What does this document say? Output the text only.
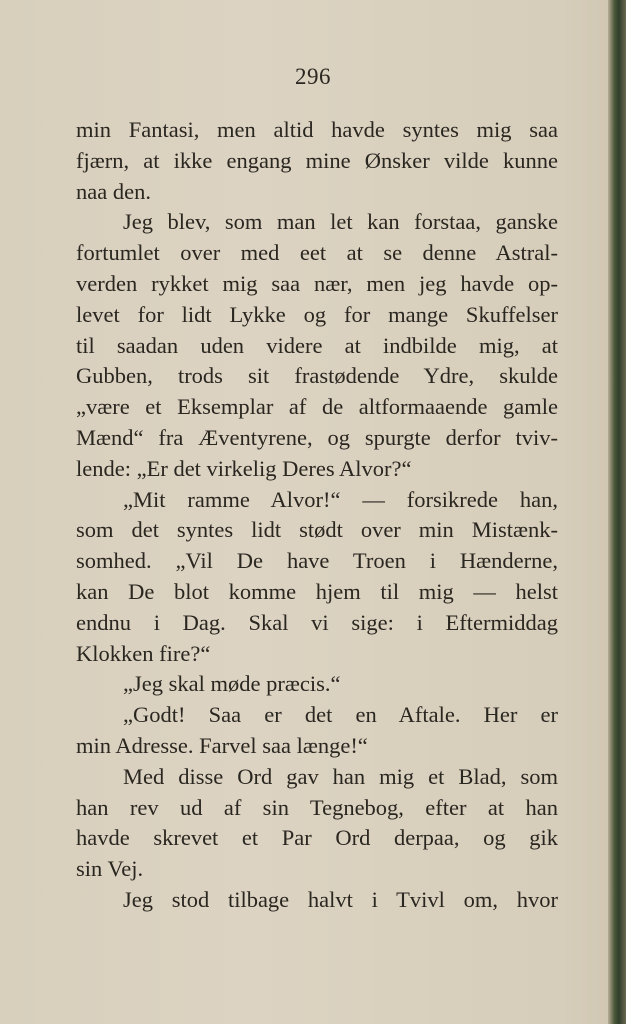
296
min Fantasi, men altid havde syntes mig saa
fjærn, at ikke engang mine Ønsker vilde kunne
naa den.
Jeg blev, som man let kan forstaa, ganske
fortumlet over med eet at se denne Astral-
verden rykket mig saa nær, men jeg havde op-
levet for lidt Lykke og for mange Skuffelser
til saadan uden videre at indbilde mig, at
Gubben, trods sit frastødende Ydre, skulde
„være et Eksemplar af de altformaaende gamle
Mænd“ fra Æventyrene, og spurgte derfor tviv-
lende: „Er det virkelig Deres Alvor?“
„Mit ramme Alvor!“ — forsikrede han,
som det syntes lidt stødt over min Mistænk-
somhed. „Vil De have Troen i Hænderne,
kan De blot komme hjem til mig — helst
endnu i Dag. Skal vi sige: i Eftermiddag
Klokken fire?“
„Jeg skal møde præcis.“
„Godt! Saa er det en Aftale. Her er
min Adresse. Farvel saa længe!“
Med disse Ord gav han mig et Blad, som
han rev ud af sin Tegnebog, efter at han
havde skrevet et Par Ord derpaa, og gik
sin Vej.
Jeg stod tilbage halvt i Tvivl om, hvor
